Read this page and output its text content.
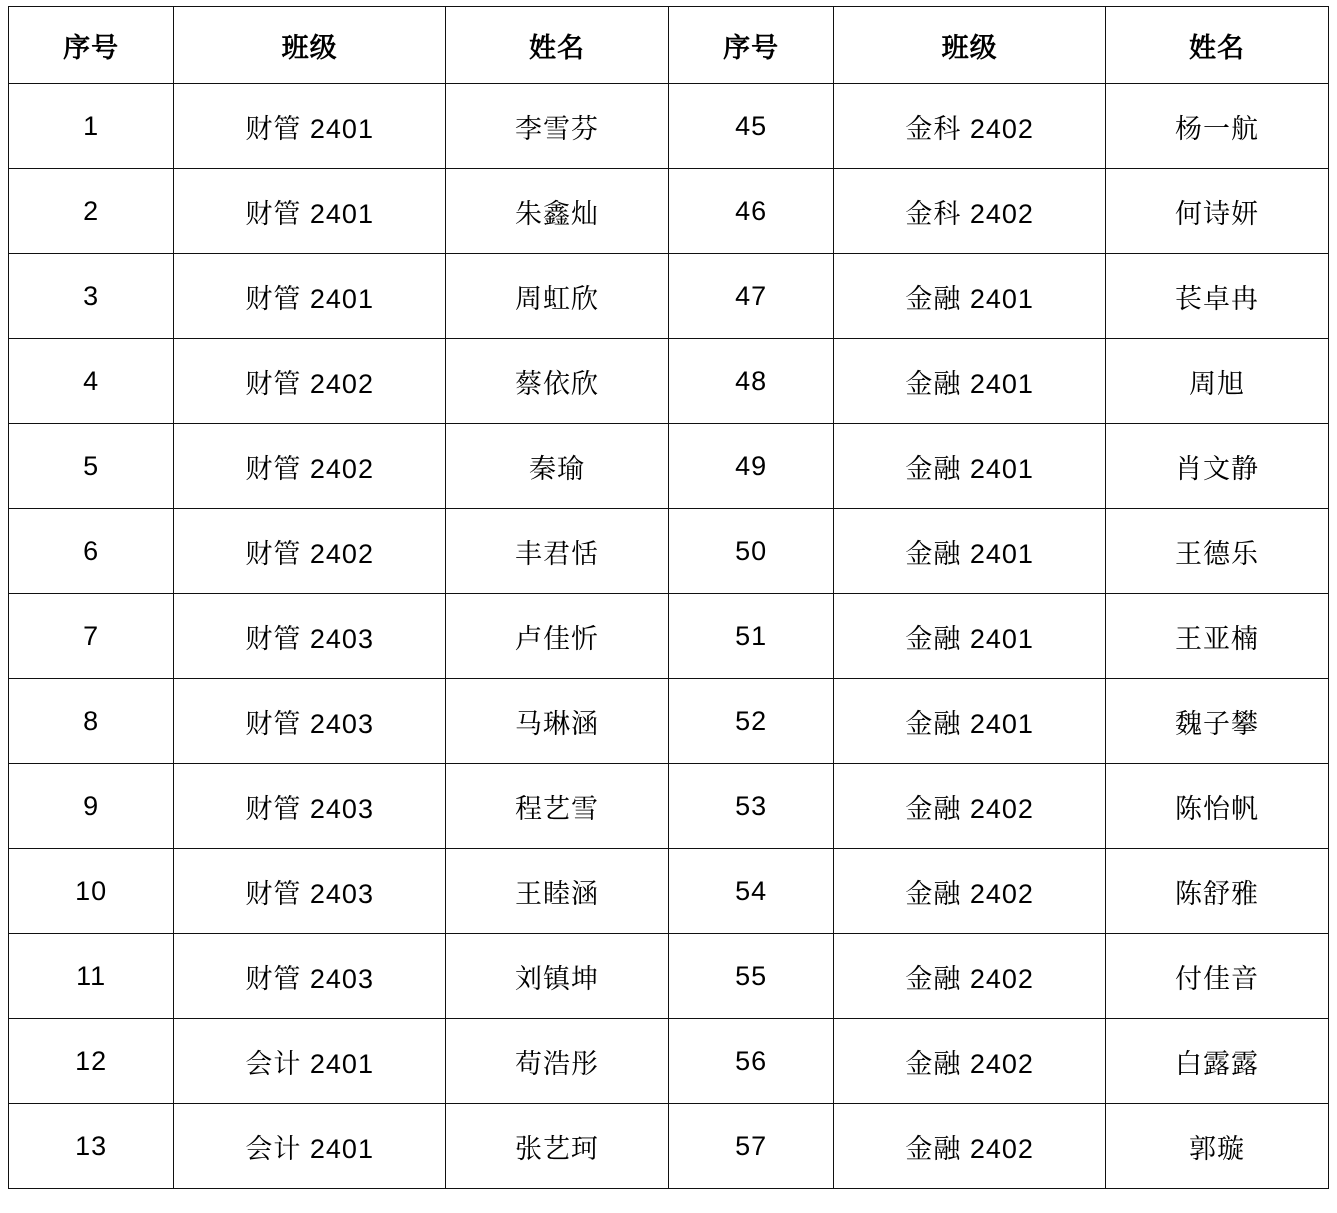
序号	班级	姓名	序号	班级	姓名
1	财管 2401	李雪芬	45	金科 2402	杨一航
2	财管 2401	朱鑫灿	46	金科 2402	何诗妍
3	财管 2401	周虹欣	47	金融 2401	苌卓冉
4	财管 2402	蔡依欣	48	金融 2401	周旭
5	财管 2402	秦瑜	49	金融 2401	肖文静
6	财管 2402	丰君恬	50	金融 2401	王德乐
7	财管 2403	卢佳忻	51	金融 2401	王亚楠
8	财管 2403	马琳涵	52	金融 2401	魏子攀
9	财管 2403	程艺雪	53	金融 2402	陈怡帆
10	财管 2403	王睦涵	54	金融 2402	陈舒雅
11	财管 2403	刘镇坤	55	金融 2402	付佳音
12	会计 2401	苟浩彤	56	金融 2402	白露露
13	会计 2401	张艺珂	57	金融 2402	郭璇
